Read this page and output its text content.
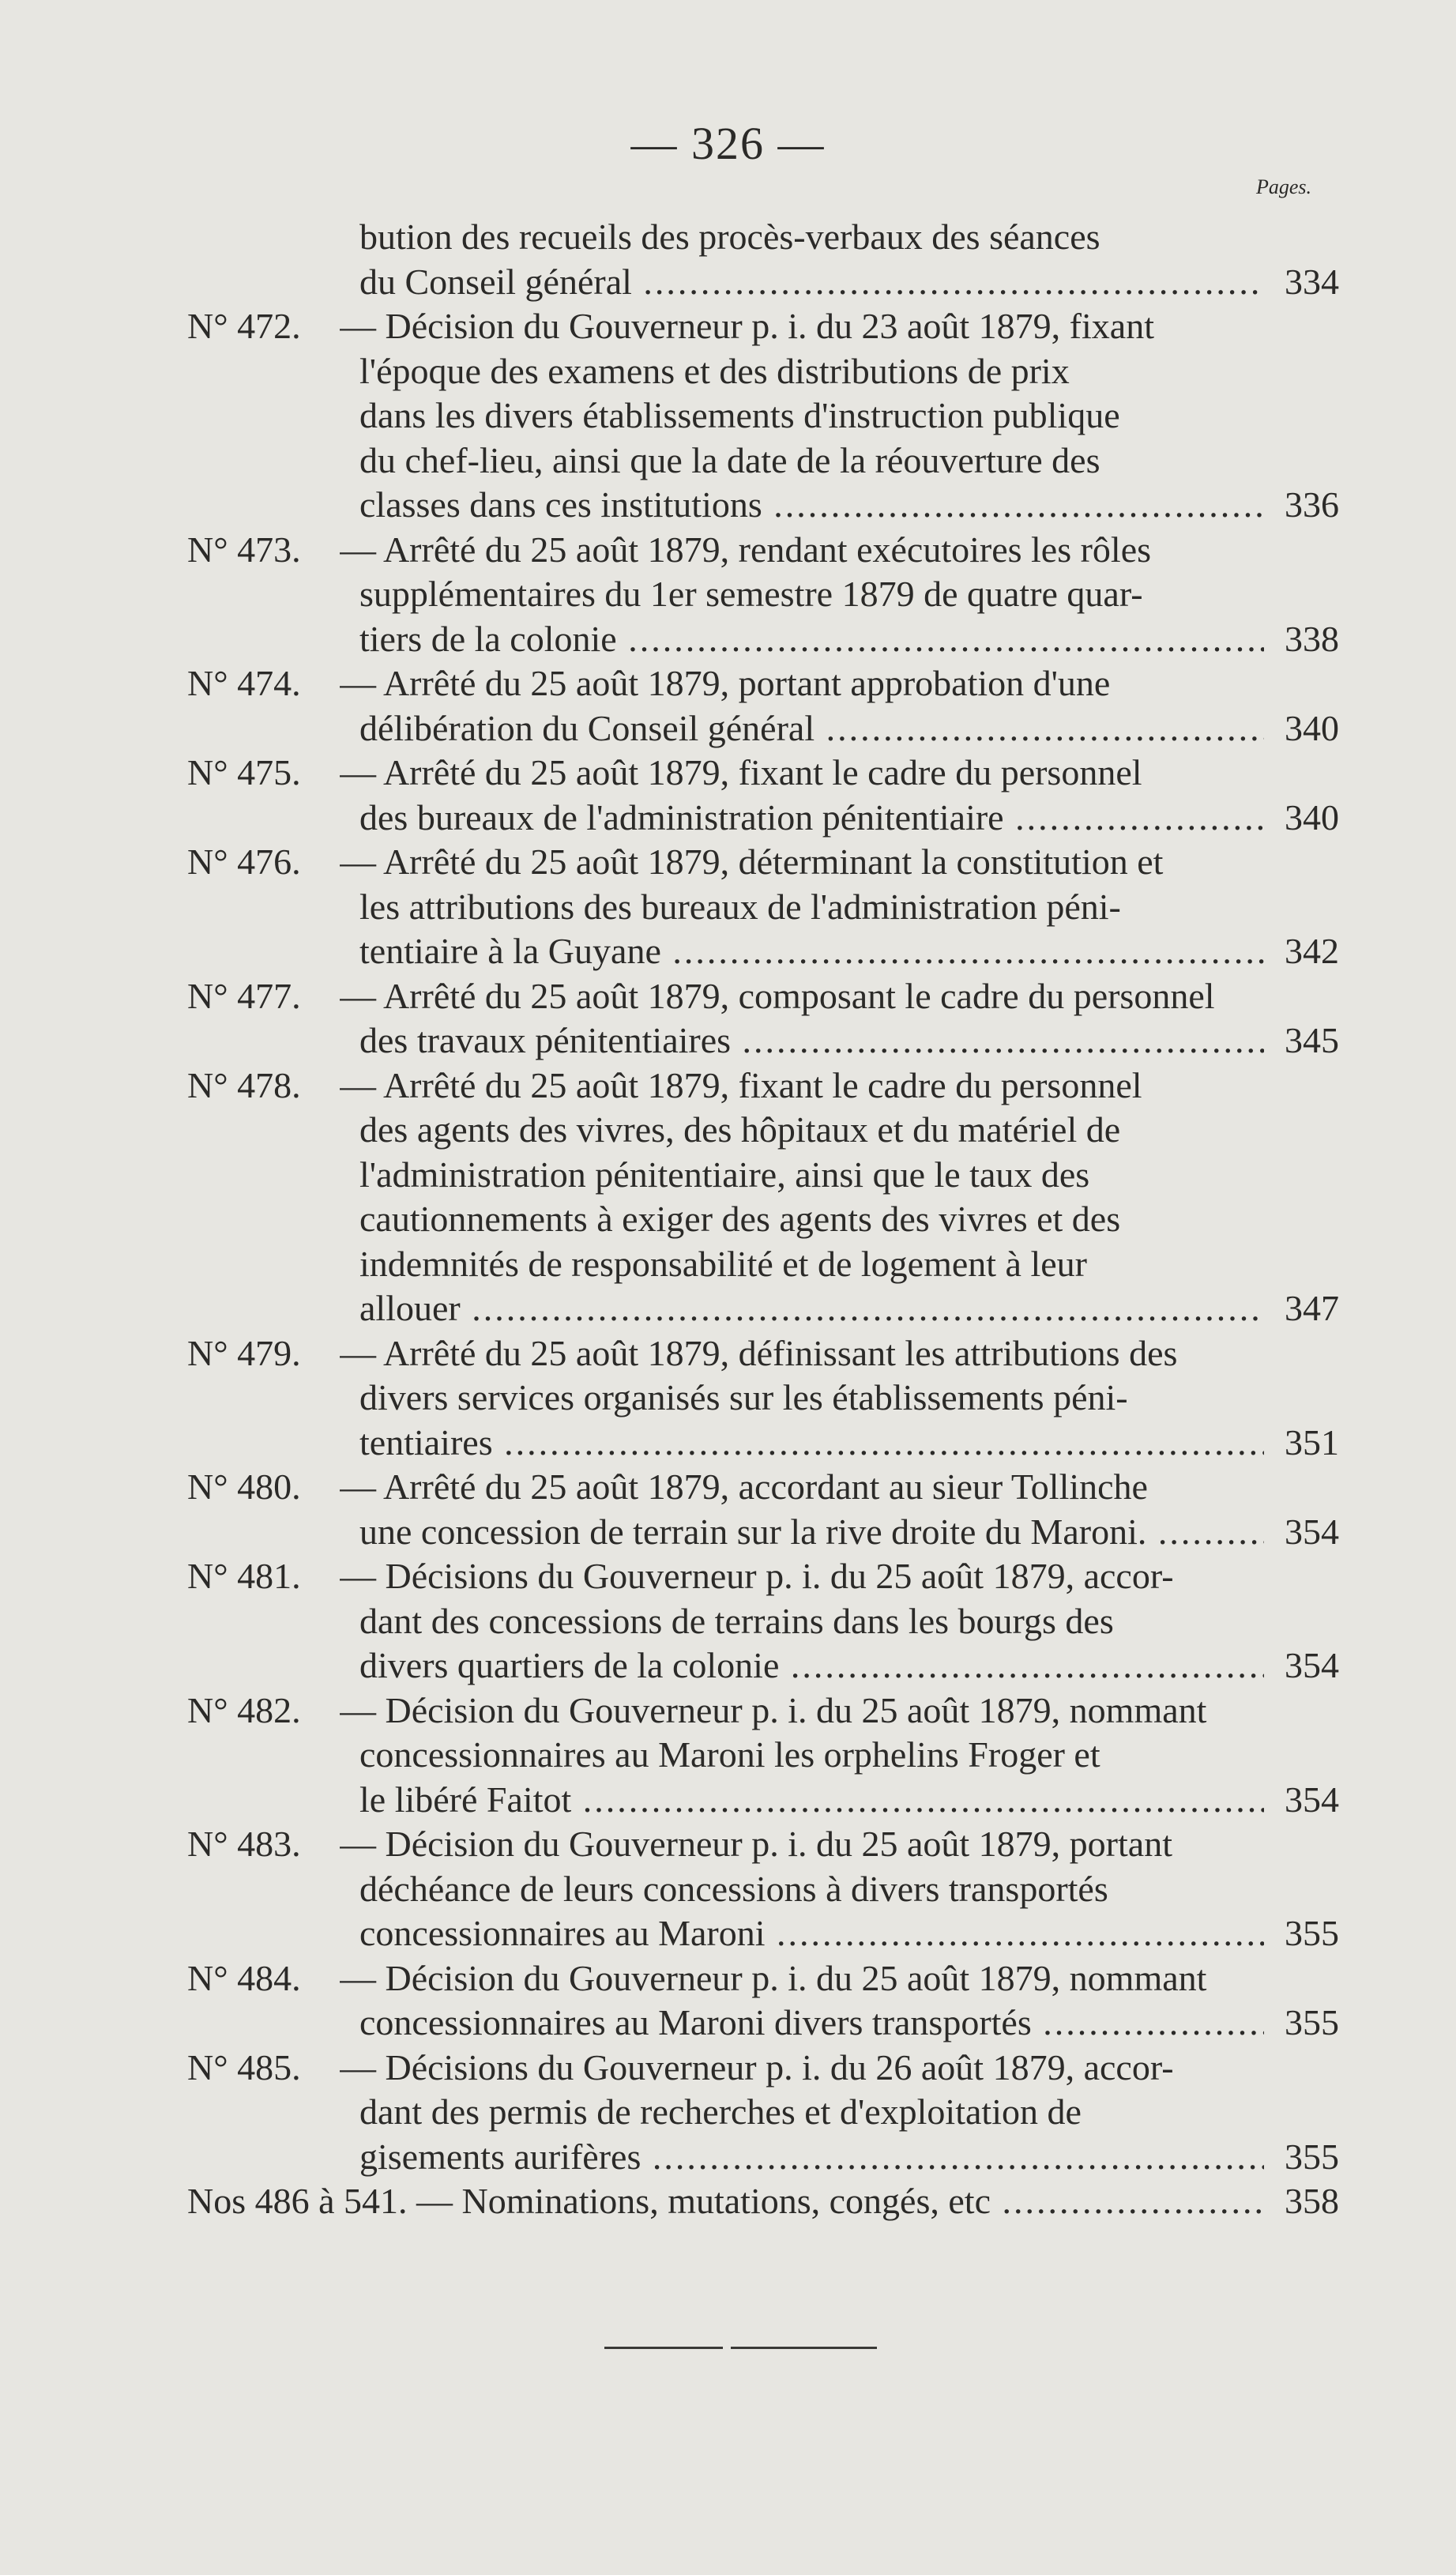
— 326 —
Pages.
bution des recueils des procès-verbaux des séances
du Conseil général .....	334
N° 472.	— Décision du Gouverneur p. i. du 23 août 1879, fixant
l'époque des examens et des distributions de prix
dans les divers établissements d'instruction publique
du chef-lieu, ainsi que la date de la réouverture des
classes dans ces institutions .....	336
N° 473.	— Arrêté du 25 août 1879, rendant exécutoires les rôles
supplémentaires du 1er semestre 1879 de quatre quar-
tiers de la colonie .....	338
N° 474.	— Arrêté du 25 août 1879, portant approbation d'une
délibération du Conseil général .....	340
N° 475.	— Arrêté du 25 août 1879, fixant le cadre du personnel
des bureaux de l'administration pénitentiaire .....	340
N° 476.	— Arrêté du 25 août 1879, déterminant la constitution et
les attributions des bureaux de l'administration péni-
tentiaire à la Guyane .....	342
N° 477.	— Arrêté du 25 août 1879, composant le cadre du personnel
des travaux pénitentiaires .....	345
N° 478.	— Arrêté du 25 août 1879, fixant le cadre du personnel
des agents des vivres, des hôpitaux et du matériel de
l'administration pénitentiaire, ainsi que le taux des
cautionnements à exiger des agents des vivres et des
indemnités de responsabilité et de logement à leur
allouer .....	347
N° 479.	— Arrêté du 25 août 1879, définissant les attributions des
divers services organisés sur les établissements péni-
tentiaires .....	351
N° 480.	— Arrêté du 25 août 1879, accordant au sieur Tollinche
une concession de terrain sur la rive droite du Maroni. .....	354
N° 481.	— Décisions du Gouverneur p. i. du 25 août 1879, accor-
dant des concessions de terrains dans les bourgs des
divers quartiers de la colonie .....	354
N° 482.	— Décision du Gouverneur p. i. du 25 août 1879, nommant
concessionnaires au Maroni les orphelins Froger et
le libéré Faitot .....	354
N° 483.	— Décision du Gouverneur p. i. du 25 août 1879, portant
déchéance de leurs concessions à divers transportés
concessionnaires au Maroni .....	355
N° 484.	— Décision du Gouverneur p. i. du 25 août 1879, nommant
concessionnaires au Maroni divers transportés .....	355
N° 485.	— Décisions du Gouverneur p. i. du 26 août 1879, accor-
dant des permis de recherches et d'exploitation de
gisements aurifères .....	355
Nos 486 à 541. — Nominations, mutations, congés, etc .....	358
